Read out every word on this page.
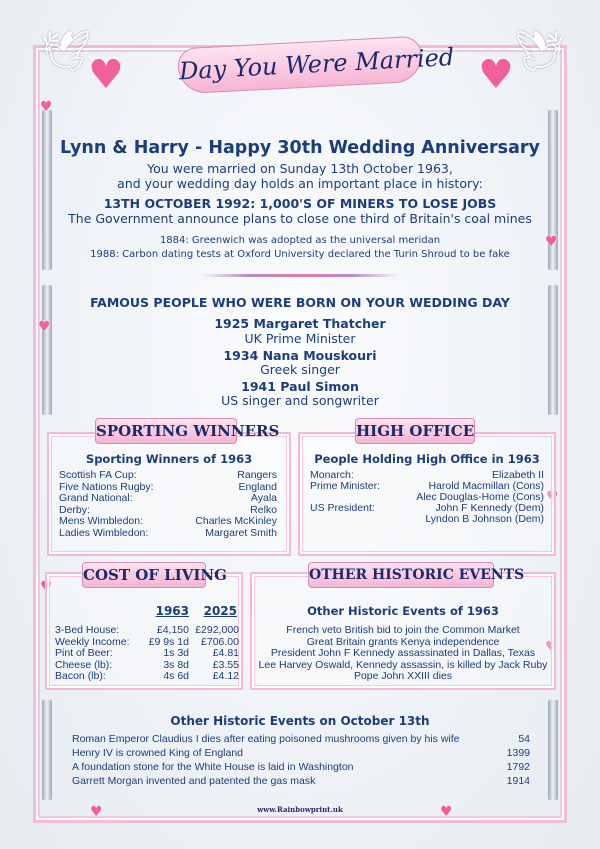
🕊	🕊
♥	♥
♥
♥
♥
♥
♥
♥
♥	♥
Day You Were Married
Lynn & Harry - Happy 30th Wedding Anniversary
You were married on Sunday 13th October 1963,
and your wedding day holds an important place in history:
13TH OCTOBER 1992: 1,000'S OF MINERS TO LOSE JOBS
The Government announce plans to close one third of Britain's coal mines
1884: Greenwich was adopted as the universal meridan
1988: Carbon dating tests at Oxford University declared the Turin Shroud to be fake
FAMOUS PEOPLE WHO WERE BORN ON YOUR WEDDING DAY
1925 Margaret Thatcher
UK Prime Minister
1934 Nana Mouskouri
Greek singer
1941 Paul Simon
US singer and songwriter
Sporting Winners of 1963
Scottish FA Cup:	Rangers
Five Nations Rugby:	England
Grand National:	Ayala
Derby:	Relko
Mens Wimbledon:	Charles McKinley
Ladies Wimbledon:	Margaret Smith
SPORTING WINNERS
People Holding High Office in 1963
Monarch:	Elizabeth II
Prime Minister:	Harold Macmillan (Cons)
Alec Douglas-Home (Cons)
US President:	John F Kennedy (Dem)
Lyndon B Johnson (Dem)
HIGH OFFICE
1963	2025
3-Bed House:	£4,150 £292,000
Weekly Income:	£9 9s 1d	£706.00
Pint of Beer:	1s 3d	£4.81
Cheese (lb):	3s 8d	£3.55
Bacon (lb):	4s 6d	£4.12
COST OF LIVING
Other Historic Events of 1963
French veto British bid to join the Common Market
Great Britain grants Kenya independence
President John F Kennedy assassinated in Dallas, Texas
Lee Harvey Oswald, Kennedy assassin, is killed by Jack Ruby
Pope John XXIII dies
OTHER HISTORIC EVENTS
Other Historic Events on October 13th
Roman Emperor Claudius I dies after eating poisoned mushrooms given by his wife	54
Henry IV is crowned King of England	1399
A foundation stone for the White House is laid in Washington	1792
Garrett Morgan invented and patented the gas mask	1914
www.Rainbowprint.uk
